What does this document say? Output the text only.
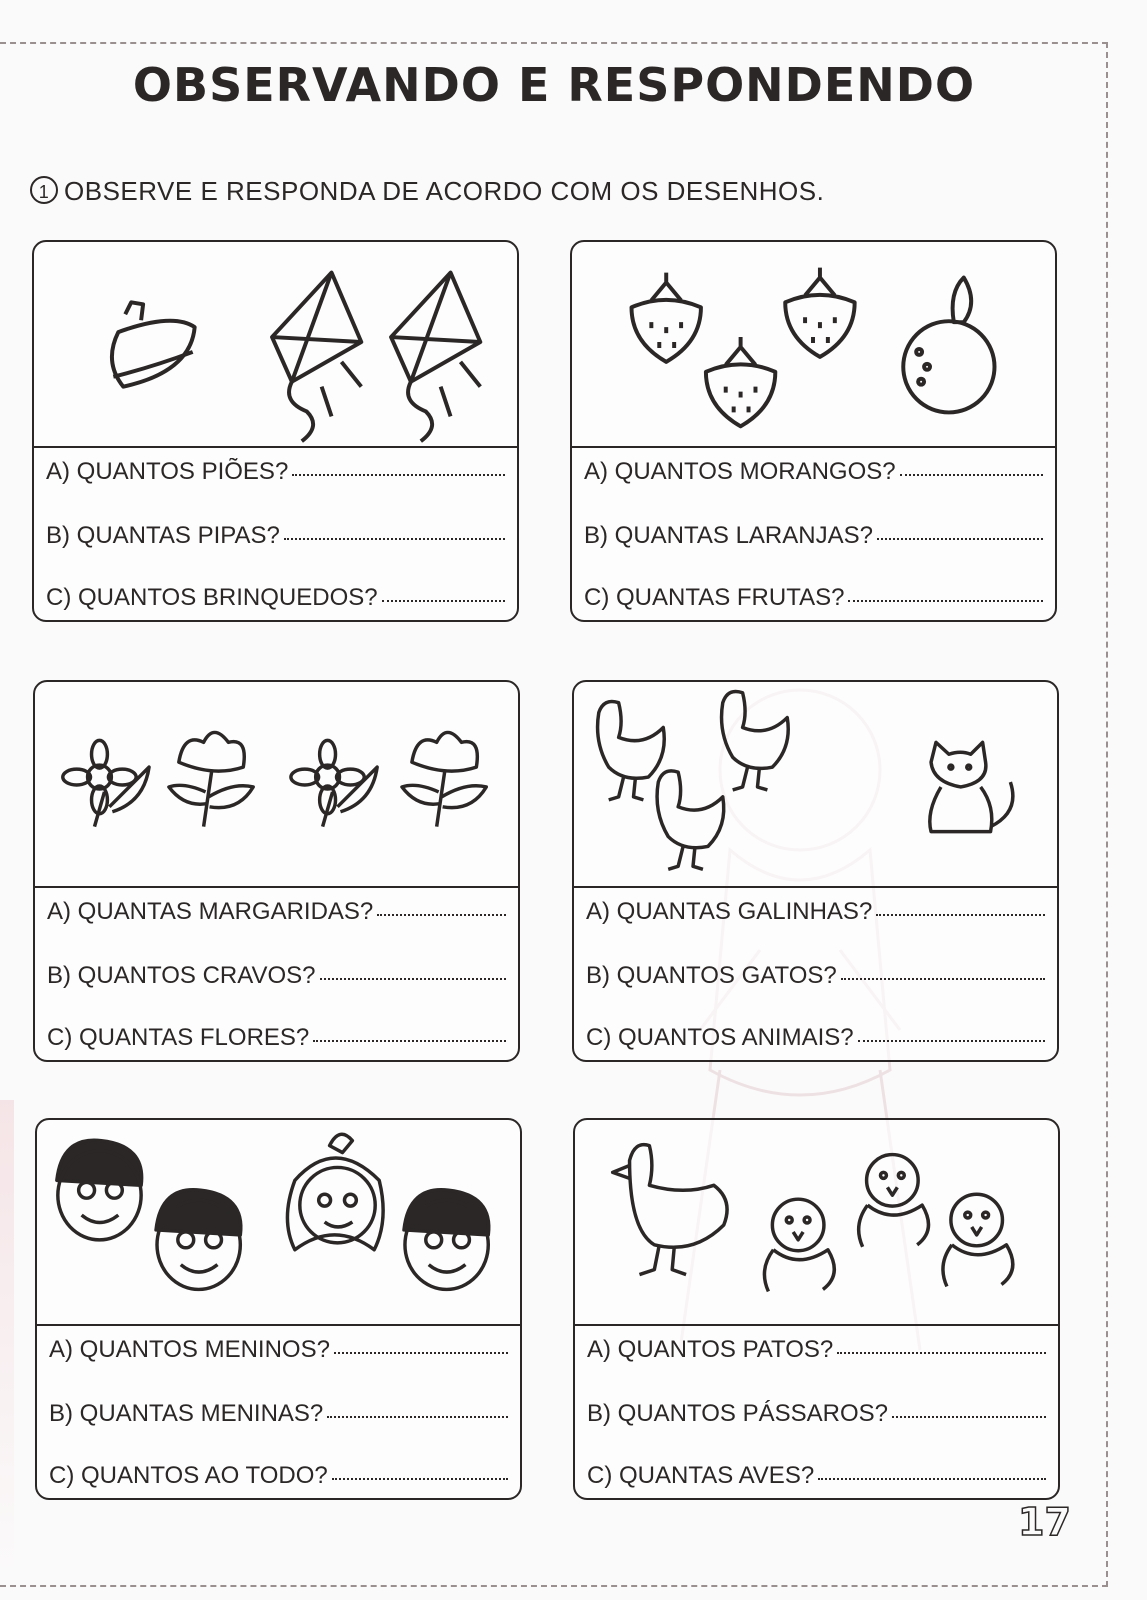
OBSERVANDO E RESPONDENDO
1 OBSERVE E RESPONDA DE ACORDO COM OS DESENHOS.
A) QUANTOS PIÕES?
B) QUANTAS PIPAS?
C) QUANTOS BRINQUEDOS?
A) QUANTOS MORANGOS?
B) QUANTAS LARANJAS?
C) QUANTAS FRUTAS?
A) QUANTAS MARGARIDAS?
B) QUANTOS CRAVOS?
C) QUANTAS FLORES?
A) QUANTAS GALINHAS?
B) QUANTOS GATOS?
C) QUANTOS ANIMAIS?
A) QUANTOS MENINOS?
B) QUANTAS MENINAS?
C) QUANTOS AO TODO?
A) QUANTOS PATOS?
B) QUANTOS PÁSSAROS?
C) QUANTAS AVES?
17
